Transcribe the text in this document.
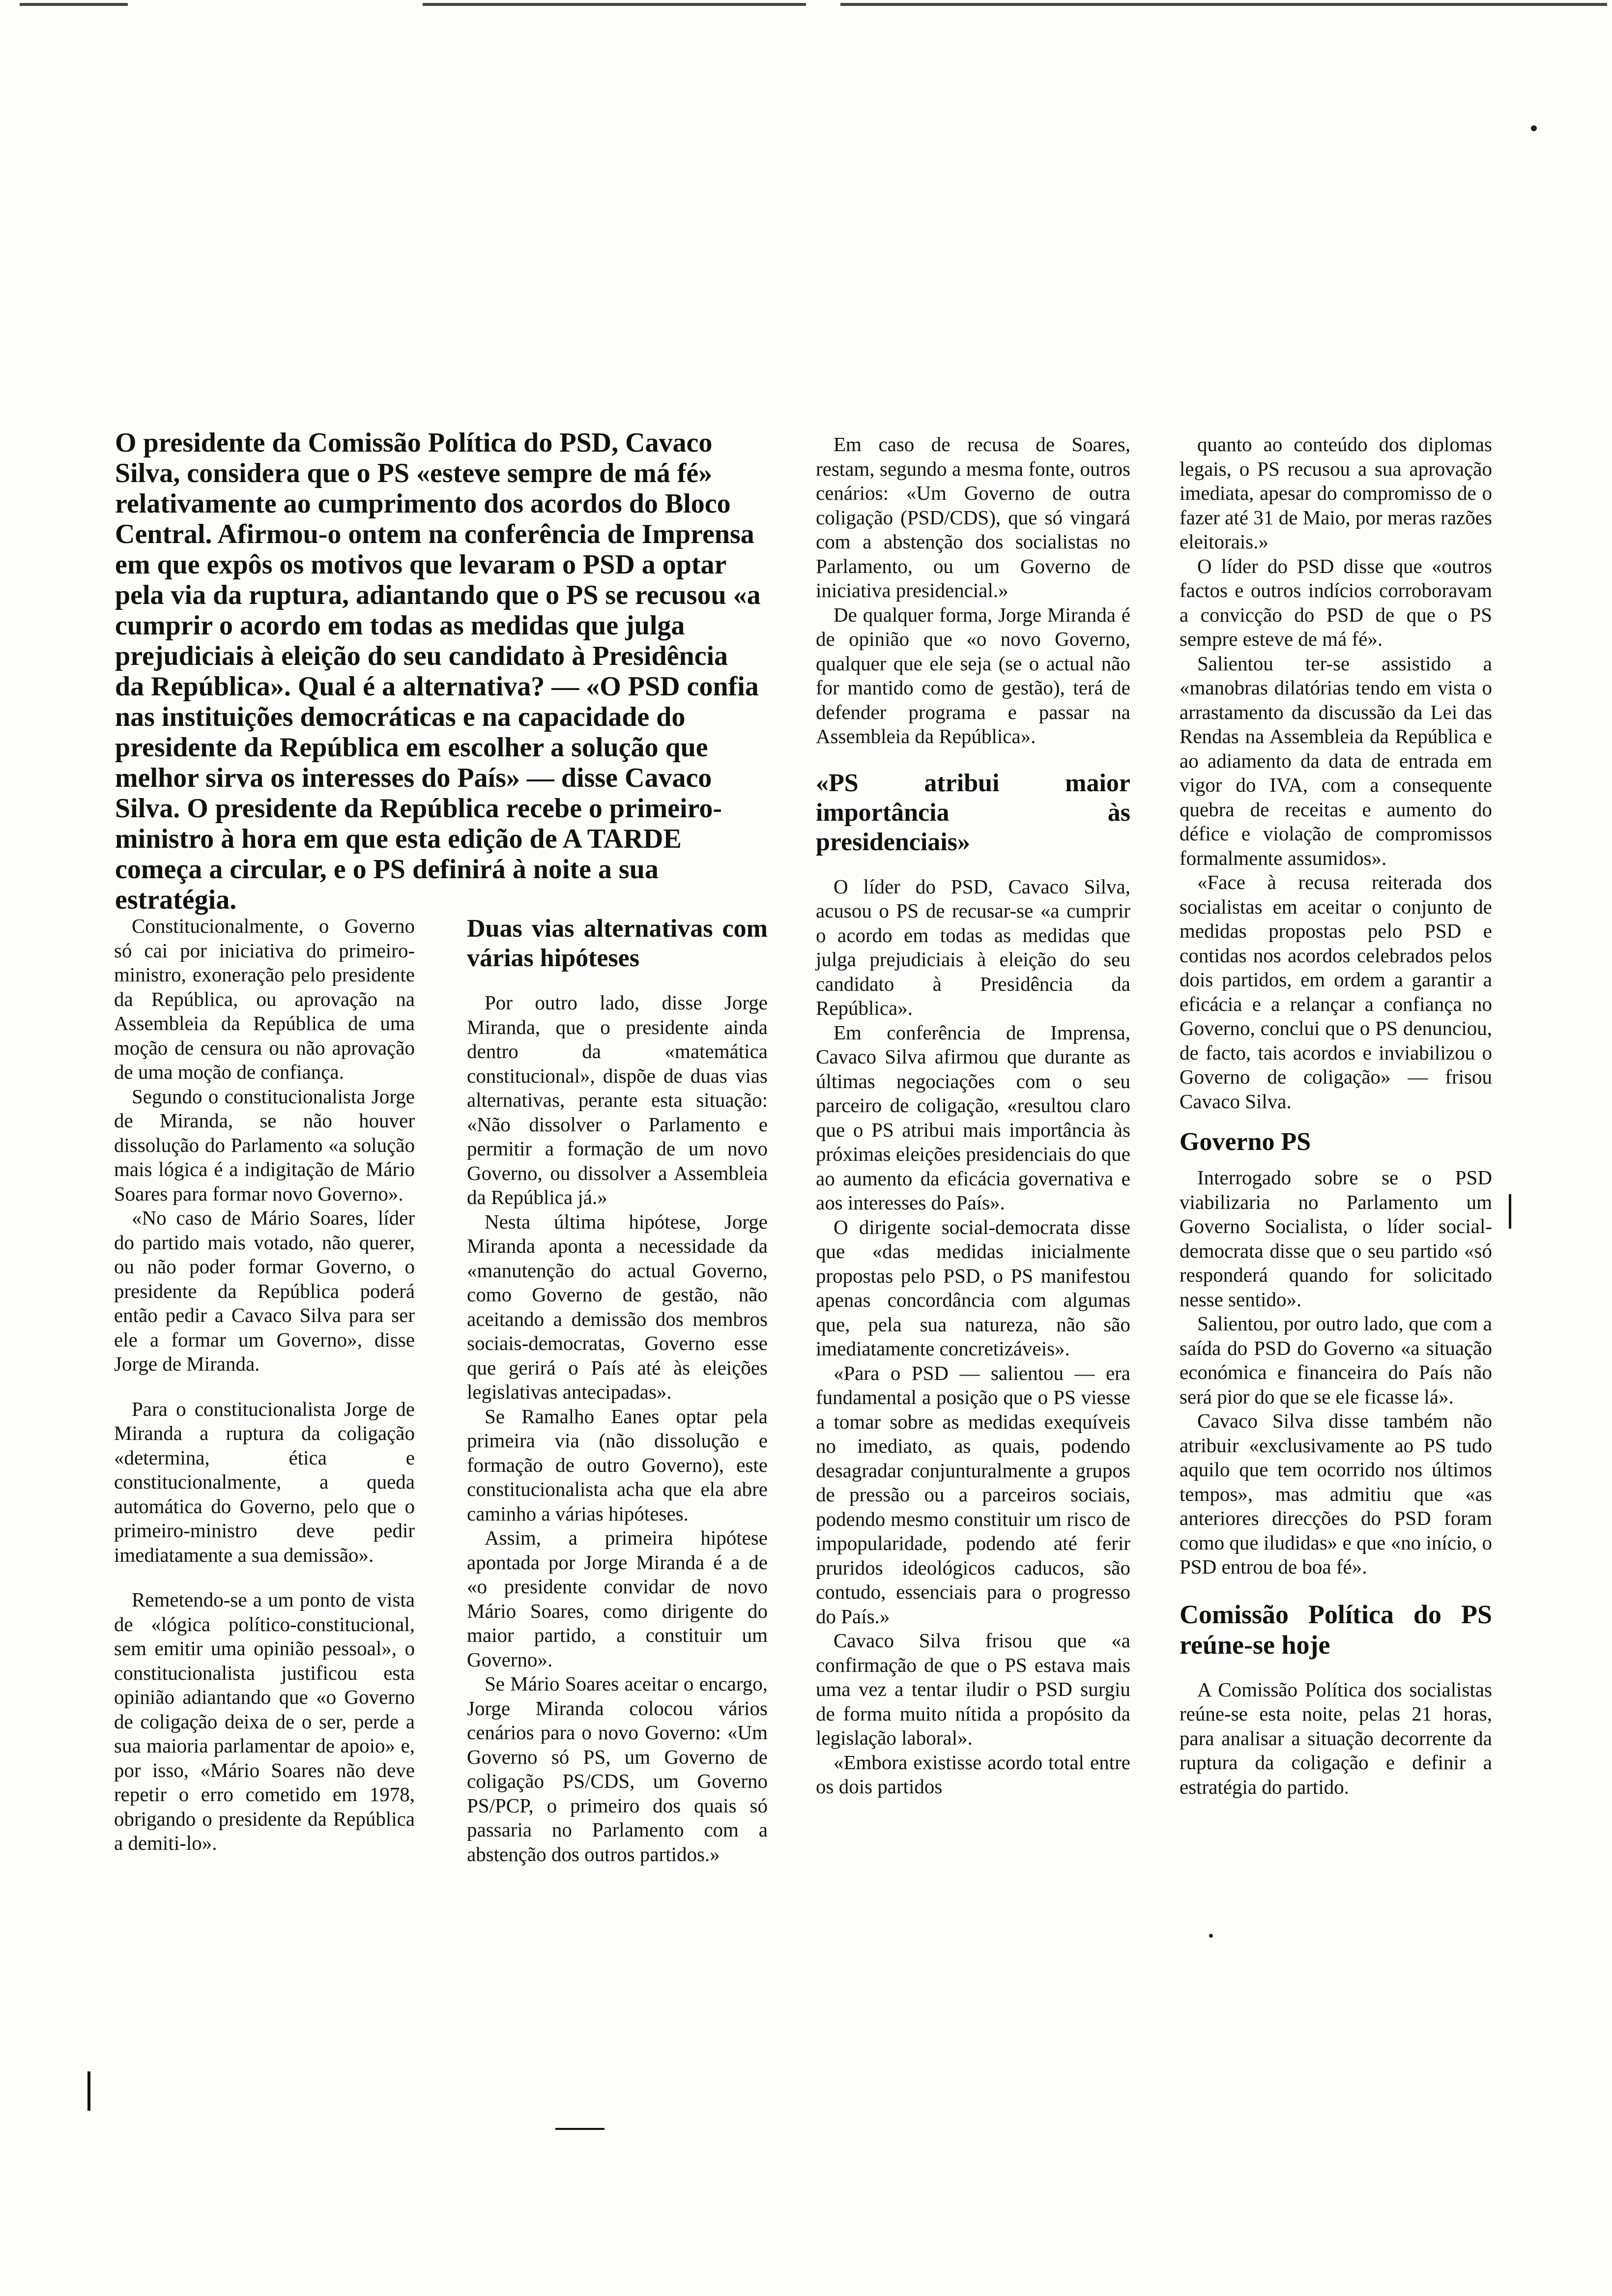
O presidente da Comissão Política do PSD, Cavaco Silva, considera que o PS «esteve sempre de má fé» relativamente ao cumprimento dos acordos do Bloco Central. Afirmou-o ontem na conferência de Imprensa em que expôs os motivos que levaram o PSD a optar pela via da ruptura, adiantando que o PS se recusou «a cumprir o acordo em todas as medidas que julga prejudiciais à eleição do seu candidato à Presidência da República». Qual é a alternativa? — «O PSD confia nas instituições democráticas e na capacidade do presidente da República em escolher a solução que melhor sirva os interesses do País» — disse Cavaco Silva. O presidente da República recebe o primeiro-ministro à hora em que esta edição de A TARDE começa a circular, e o PS definirá à noite a sua estratégia.

Constitucionalmente, o Governo só cai por iniciativa do primeiro-ministro, exoneração pelo presidente da República, ou aprovação na Assembleia da República de uma moção de censura ou não aprovação de uma moção de confiança.

Segundo o constitucionalista Jorge de Miranda, se não houver dissolução do Parlamento «a solução mais lógica é a indigitação de Mário Soares para formar novo Governo».

«No caso de Mário Soares, líder do partido mais votado, não querer, ou não poder formar Governo, o presidente da República poderá então pedir a Cavaco Silva para ser ele a formar um Governo», disse Jorge de Miranda.

Para o constitucionalista Jorge de Miranda a ruptura da coligação «determina, ética e constitucionalmente, a queda automática do Governo, pelo que o primeiro-ministro deve pedir imediatamente a sua demissão».

Remetendo-se a um ponto de vista de «lógica político-constitucional, sem emitir uma opinião pessoal», o constitucionalista justificou esta opinião adiantando que «o Governo de coligação deixa de o ser, perde a sua maioria parlamentar de apoio» e, por isso, «Mário Soares não deve repetir o erro cometido em 1978, obrigando o presidente da República a demiti-lo».

Duas vias alternativas com várias hipóteses

Por outro lado, disse Jorge Miranda, que o presidente ainda dentro da «matemática constitucional», dispõe de duas vias alternativas, perante esta situação: «Não dissolver o Parlamento e permitir a formação de um novo Governo, ou dissolver a Assembleia da República já.»

Nesta última hipótese, Jorge Miranda aponta a necessidade da «manutenção do actual Governo, como Governo de gestão, não aceitando a demissão dos membros sociais-democratas, Governo esse que gerirá o País até às eleições legislativas antecipadas».

Se Ramalho Eanes optar pela primeira via (não dissolução e formação de outro Governo), este constitucionalista acha que ela abre caminho a várias hipóteses.

Assim, a primeira hipótese apontada por Jorge Miranda é a de «o presidente convidar de novo Mário Soares, como dirigente do maior partido, a constituir um Governo».

Se Mário Soares aceitar o encargo, Jorge Miranda colocou vários cenários para o novo Governo: «Um Governo só PS, um Governo de coligação PS/CDS, um Governo PS/PCP, o primeiro dos quais só passaria no Parlamento com a abstenção dos outros partidos.»

Em caso de recusa de Soares, restam, segundo a mesma fonte, outros cenários: «Um Governo de outra coligação (PSD/CDS), que só vingará com a abstenção dos socialistas no Parlamento, ou um Governo de iniciativa presidencial.»

De qualquer forma, Jorge Miranda é de opinião que «o novo Governo, qualquer que ele seja (se o actual não for mantido como de gestão), terá de defender programa e passar na Assembleia da República».

«PS atribui maior importância às presidenciais»

O líder do PSD, Cavaco Silva, acusou o PS de recusar-se «a cumprir o acordo em todas as medidas que julga prejudiciais à eleição do seu candidato à Presidência da República».

Em conferência de Imprensa, Cavaco Silva afirmou que durante as últimas negociações com o seu parceiro de coligação, «resultou claro que o PS atribui mais importância às próximas eleições presidenciais do que ao aumento da eficácia governativa e aos interesses do País».

O dirigente social-democrata disse que «das medidas inicialmente propostas pelo PSD, o PS manifestou apenas concordância com algumas que, pela sua natureza, não são imediatamente concretizáveis».

«Para o PSD — salientou — era fundamental a posição que o PS viesse a tomar sobre as medidas exequíveis no imediato, as quais, podendo desagradar conjunturalmente a grupos de pressão ou a parceiros sociais, podendo mesmo constituir um risco de impopularidade, podendo até ferir pruridos ideológicos caducos, são contudo, essenciais para o progresso do País.»

Cavaco Silva frisou que «a confirmação de que o PS estava mais uma vez a tentar iludir o PSD surgiu de forma muito nítida a propósito da legislação laboral».

«Embora existisse acordo total entre os dois partidos

quanto ao conteúdo dos diplomas legais, o PS recusou a sua aprovação imediata, apesar do compromisso de o fazer até 31 de Maio, por meras razões eleitorais.»

O líder do PSD disse que «outros factos e outros indícios corroboravam a convicção do PSD de que o PS sempre esteve de má fé».

Salientou ter-se assistido a «manobras dilatórias tendo em vista o arrastamento da discussão da Lei das Rendas na Assembleia da República e ao adiamento da data de entrada em vigor do IVA, com a consequente quebra de receitas e aumento do défice e violação de compromissos formalmente assumidos».

«Face à recusa reiterada dos socialistas em aceitar o conjunto de medidas propostas pelo PSD e contidas nos acordos celebrados pelos dois partidos, em ordem a garantir a eficácia e a relançar a confiança no Governo, conclui que o PS denunciou, de facto, tais acordos e inviabilizou o Governo de coligação» — frisou Cavaco Silva.

Governo PS

Interrogado sobre se o PSD viabilizaria no Parlamento um Governo Socialista, o líder social-democrata disse que o seu partido «só responderá quando for solicitado nesse sentido».

Salientou, por outro lado, que com a saída do PSD do Governo «a situação económica e financeira do País não será pior do que se ele ficasse lá».

Cavaco Silva disse também não atribuir «exclusivamente ao PS tudo aquilo que tem ocorrido nos últimos tempos», mas admitiu que «as anteriores direcções do PSD foram como que iludidas» e que «no início, o PSD entrou de boa fé».

Comissão Política do PS reúne-se hoje

A Comissão Política dos socialistas reúne-se esta noite, pelas 21 horas, para analisar a situação decorrente da ruptura da coligação e definir a estratégia do partido.
